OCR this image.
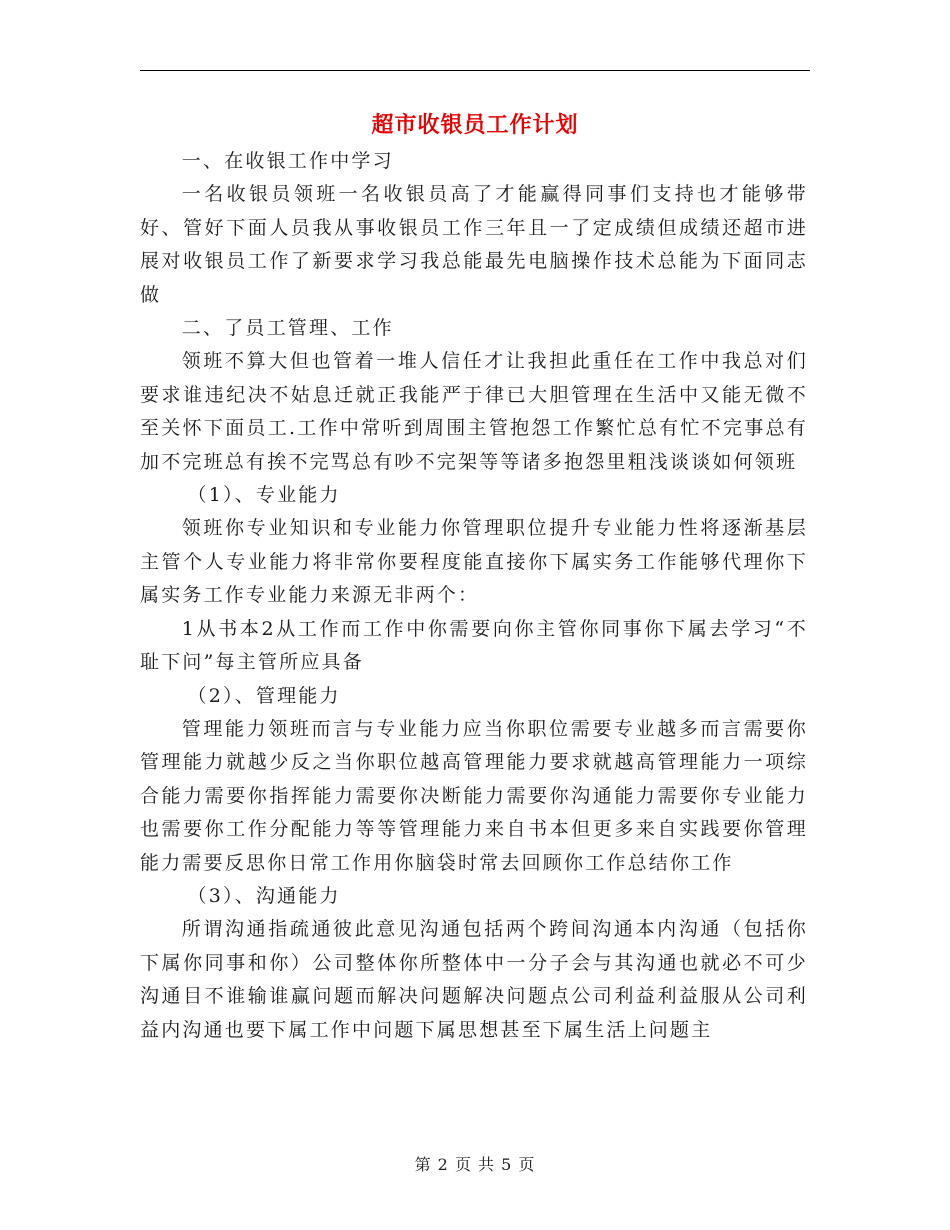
超市收银员工作计划

一、在收银工作中学习

一名收银员领班一名收银员高了才能赢得同事们支持也才能够带好、管好下面人员我从事收银员工作三年且一了定成绩但成绩还超市进展对收银员工作了新要求学习我总能最先电脑操作技术总能为下面同志做

二、了员工管理、工作

领班不算大但也管着一堆人信任才让我担此重任在工作中我总对们要求谁违纪决不姑息迁就正我能严于律已大胆管理在生活中又能无微不至关怀下面员工.工作中常听到周围主管抱怨工作繁忙总有忙不完事总有加不完班总有挨不完骂总有吵不完架等等诸多抱怨里粗浅谈谈如何领班

（1）、专业能力

领班你专业知识和专业能力你管理职位提升专业能力性将逐渐基层主管个人专业能力将非常你要程度能直接你下属实务工作能够代理你下属实务工作专业能力来源无非两个：

1从书本2从工作而工作中你需要向你主管你同事你下属去学习“不耻下问”每主管所应具备

（2）、管理能力

管理能力领班而言与专业能力应当你职位需要专业越多而言需要你管理能力就越少反之当你职位越高管理能力要求就越高管理能力一项综合能力需要你指挥能力需要你决断能力需要你沟通能力需要你专业能力也需要你工作分配能力等等管理能力来自书本但更多来自实践要你管理能力需要反思你日常工作用你脑袋时常去回顾你工作总结你工作

（3）、沟通能力

所谓沟通指疏通彼此意见沟通包括两个跨间沟通本内沟通（包括你下属你同事和你）公司整体你所整体中一分子会与其沟通也就必不可少沟通目不谁输谁赢问题而解决问题解决问题点公司利益利益服从公司利益内沟通也要下属工作中问题下属思想甚至下属生活上问题主

第 2 页 共 5 页
